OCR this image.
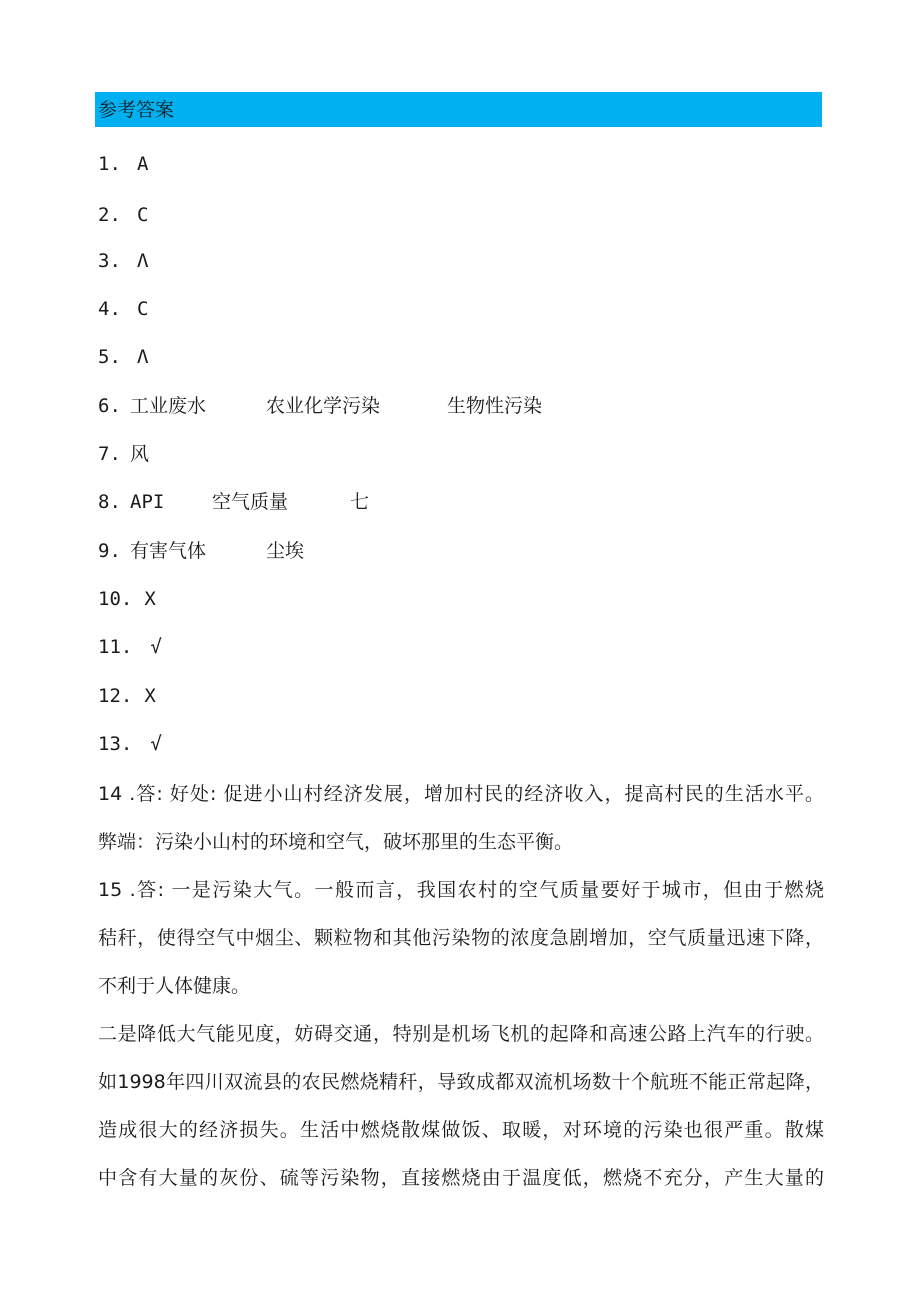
参考答案
1. A
2. C
3. Λ
4. C
5. Λ
6. 工业废水	农业化学污染	生物性污染
7. 风
8. API	空气质量	七
9. 有害气体	尘埃
10. X
11. √
12. X
13. √
14 .答: 好处: 促进小山村经济发展，增加村民的经济收入，提高村民的生活水平。
弊端：污染小山村的环境和空气，破坏那里的生态平衡。
15 .答: 一是污染大气。一般而言，我国农村的空气质量要好于城市，但由于燃烧
秸秆，使得空气中烟尘、颗粒物和其他污染物的浓度急剧增加，空气质量迅速下降，
不利于人体健康。
二是降低大气能见度，妨碍交通，特别是机场飞机的起降和高速公路上汽车的行驶。
如1998年四川双流县的农民燃烧精秆，导致成都双流机场数十个航班不能正常起降，
造成很大的经济损失。生活中燃烧散煤做饭、取暖，对环境的污染也很严重。散煤
中含有大量的灰份、硫等污染物，直接燃烧由于温度低，燃烧不充分，产生大量的
